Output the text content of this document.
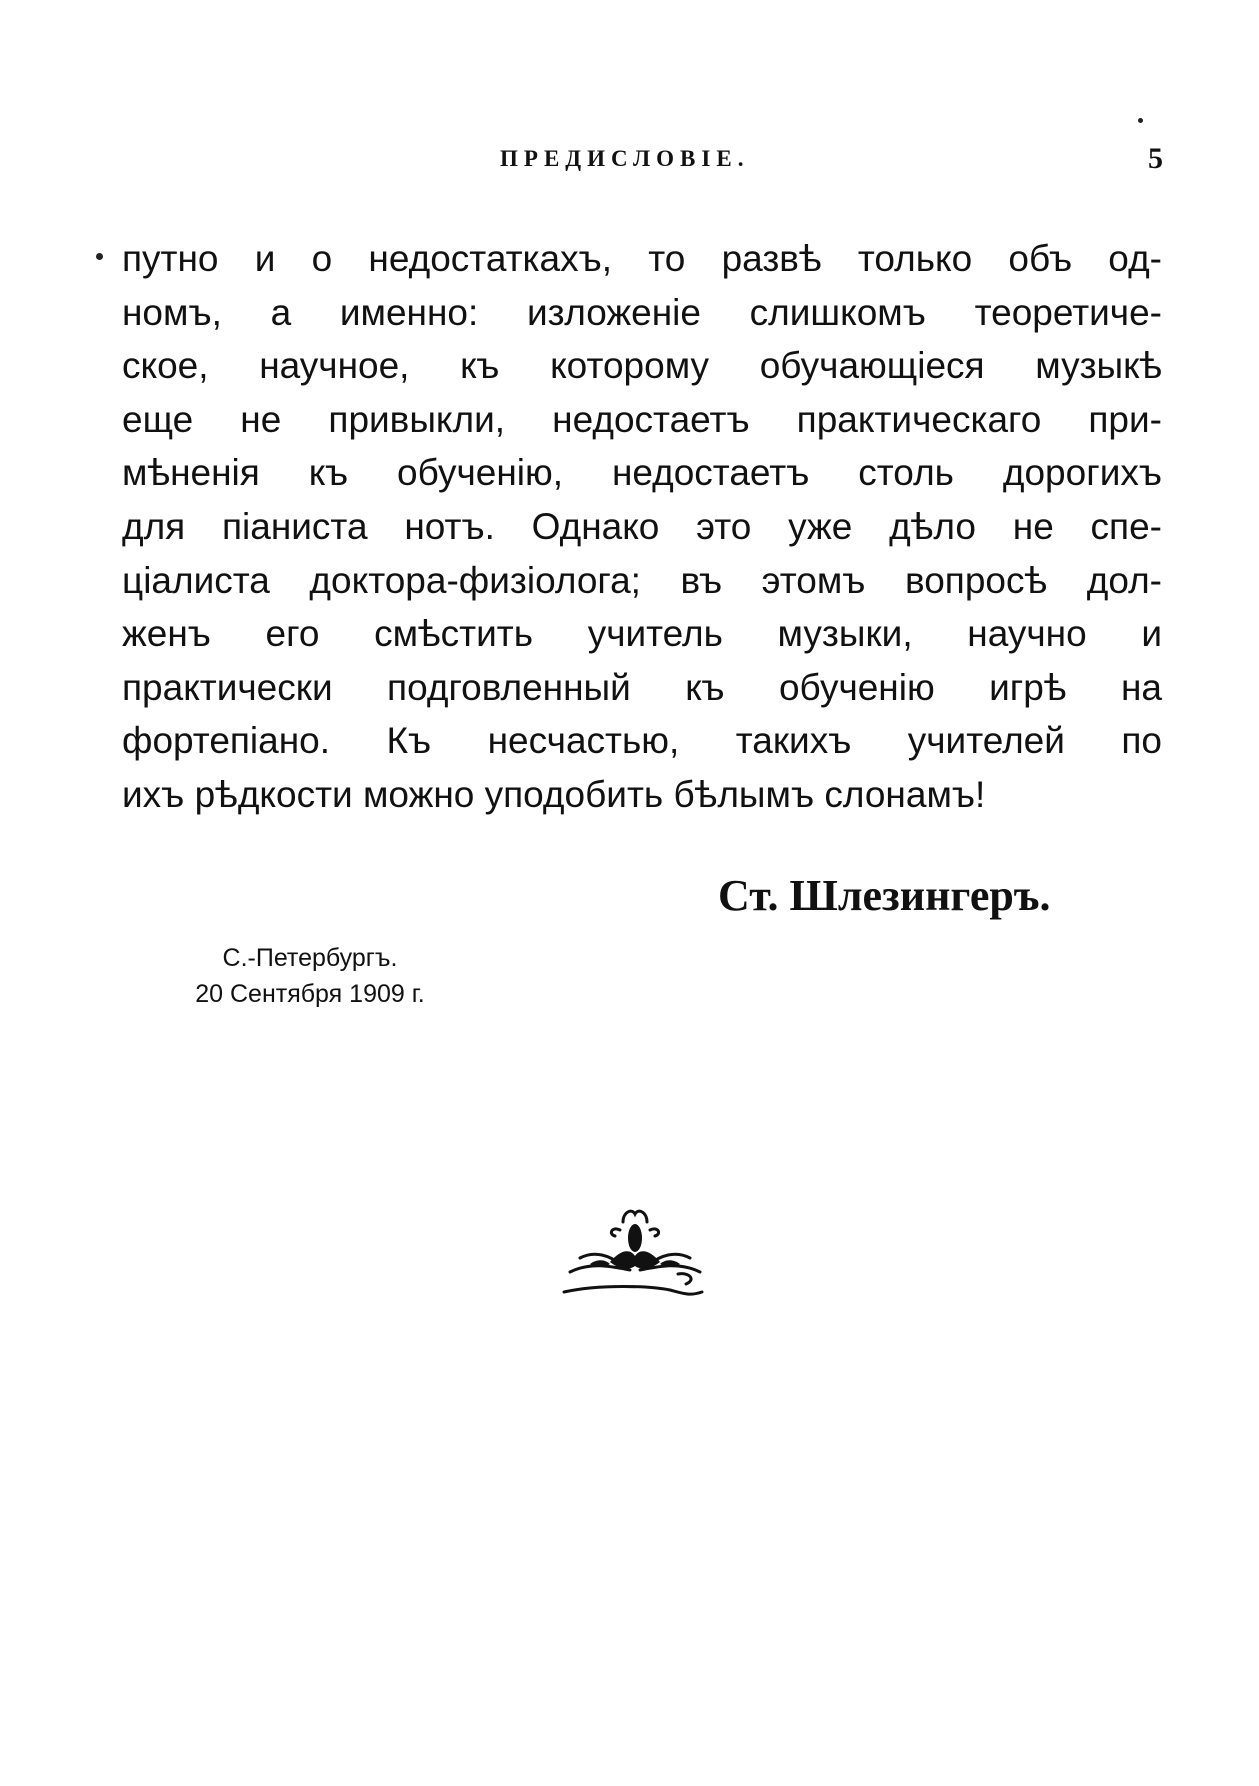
ПРЕДИСЛОВІЕ.	5
путно и о недостаткахъ, то развѣ только объ од-
номъ, а именно: изложеніе слишкомъ теоретиче-
ское, научное, къ которому обучающіеся музыкѣ
еще не привыкли, недостаетъ практическаго при-
мѣненія къ обученію, недостаетъ столь дорогихъ
для піаниста нотъ. Однако это уже дѣло не спе-
ціалиста доктора-физіолога; въ этомъ вопросѣ дол-
женъ его смѣстить учитель музыки, научно и
практически подговленный къ обученію игрѣ на
фортепіано. Къ несчастью, такихъ учителей по
ихъ рѣдкости можно уподобить бѣлымъ слонамъ!
Ст. Шлезингеръ.
С.-Петербургъ.
20 Сентября 1909 г.
